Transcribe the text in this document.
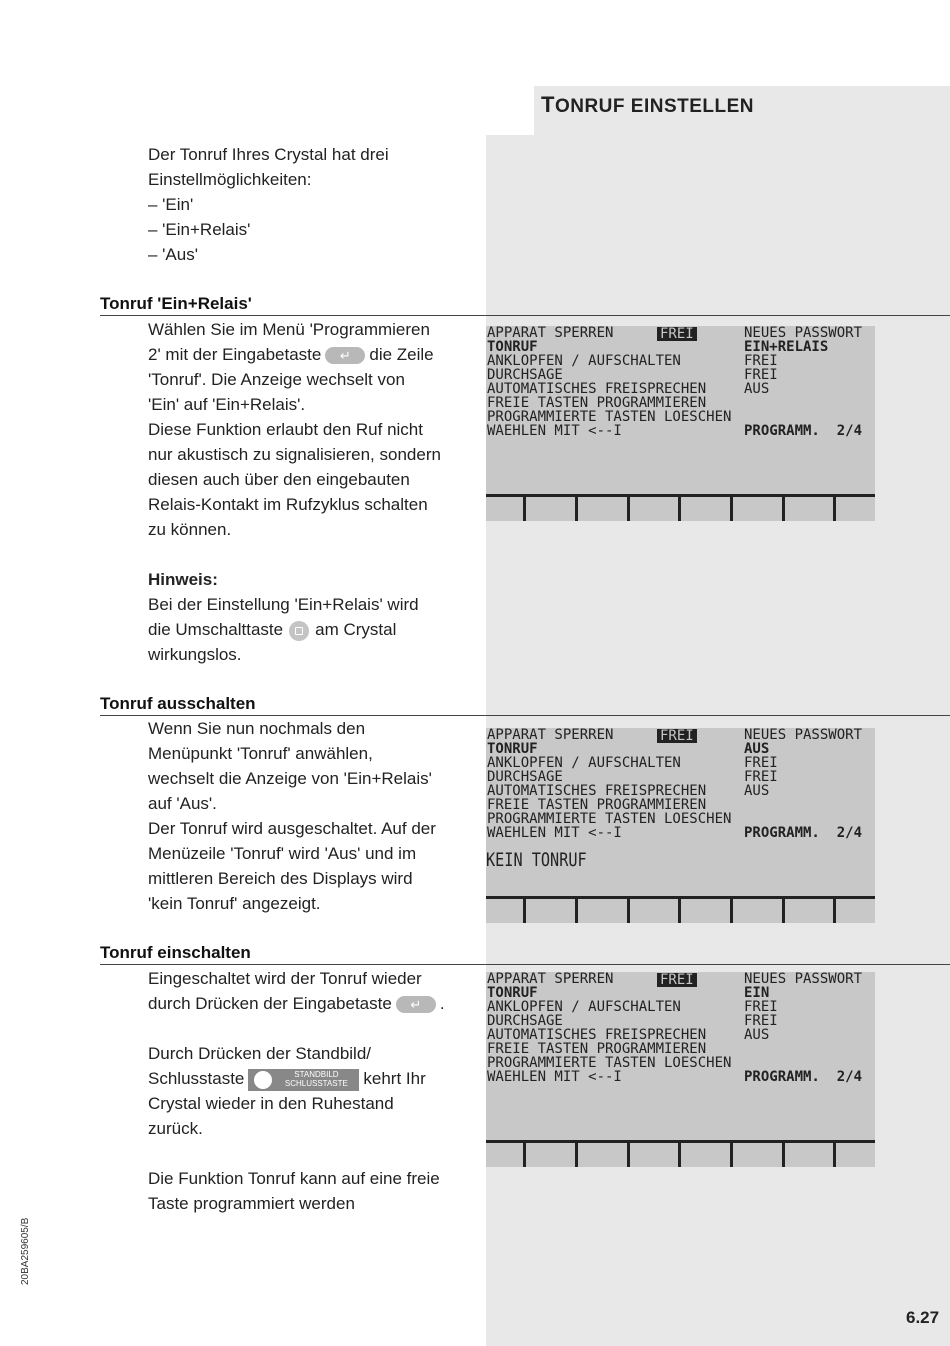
TONRUF EINSTELLEN

Der Tonruf Ihres Crystal hat drei

Einstellmöglichkeiten:

– 'Ein'

– 'Ein+Relais'

– 'Aus'

Tonruf 'Ein+Relais'

Wählen Sie im Menü 'Programmieren

2' mit der Eingabetaste ↵ die Zeile

'Tonruf'. Die Anzeige wechselt von

'Ein' auf 'Ein+Relais'.

Diese Funktion erlaubt den Ruf nicht

nur akustisch zu signalisieren, sondern

diesen auch über den eingebauten

Relais-Kontakt im Rufzyklus schalten

zu können.

Hinweis:

Bei der Einstellung 'Ein+Relais' wird

die Umschalttaste am Crystal

wirkungslos.

APPARAT SPERREN	FREI	NEUES PASSWORT
TONRUF	EIN+RELAIS
ANKLOPFEN / AUFSCHALTEN	FREI
DURCHSAGE	FREI
AUTOMATISCHES FREISPRECHEN	AUS
FREIE TASTEN PROGRAMMIEREN
PROGRAMMIERTE TASTEN LOESCHEN
WAEHLEN MIT <--I	PROGRAMM.  2/4
Tonruf ausschalten

Wenn Sie nun nochmals den

Menüpunkt 'Tonruf' anwählen,

wechselt die Anzeige von 'Ein+Relais'

auf 'Aus'.

Der Tonruf wird ausgeschaltet. Auf der

Menüzeile 'Tonruf' wird 'Aus' und im

mittleren Bereich des Displays wird

'kein Tonruf' angezeigt.

APPARAT SPERREN	FREI	NEUES PASSWORT
TONRUF	AUS
ANKLOPFEN / AUFSCHALTEN	FREI
DURCHSAGE	FREI
AUTOMATISCHES FREISPRECHEN	AUS
FREIE TASTEN PROGRAMMIEREN
PROGRAMMIERTE TASTEN LOESCHEN
WAEHLEN MIT <--I	PROGRAMM.  2/4
KEIN TONRUF
Tonruf einschalten

Eingeschaltet wird der Tonruf wieder

durch Drücken der Eingabetaste ↵ .

Durch Drücken der Standbild/

Schlusstaste	STANDBILD
SCHLUSSTASTE kehrt Ihr

Crystal wieder in den Ruhestand

zurück.

Die Funktion Tonruf kann auf eine freie

Taste programmiert werden

APPARAT SPERREN	FREI	NEUES PASSWORT
TONRUF	EIN
ANKLOPFEN / AUFSCHALTEN	FREI
DURCHSAGE	FREI
AUTOMATISCHES FREISPRECHEN	AUS
FREIE TASTEN PROGRAMMIEREN
PROGRAMMIERTE TASTEN LOESCHEN
WAEHLEN MIT <--I	PROGRAMM.  2/4
20BA259605/B
6.27
